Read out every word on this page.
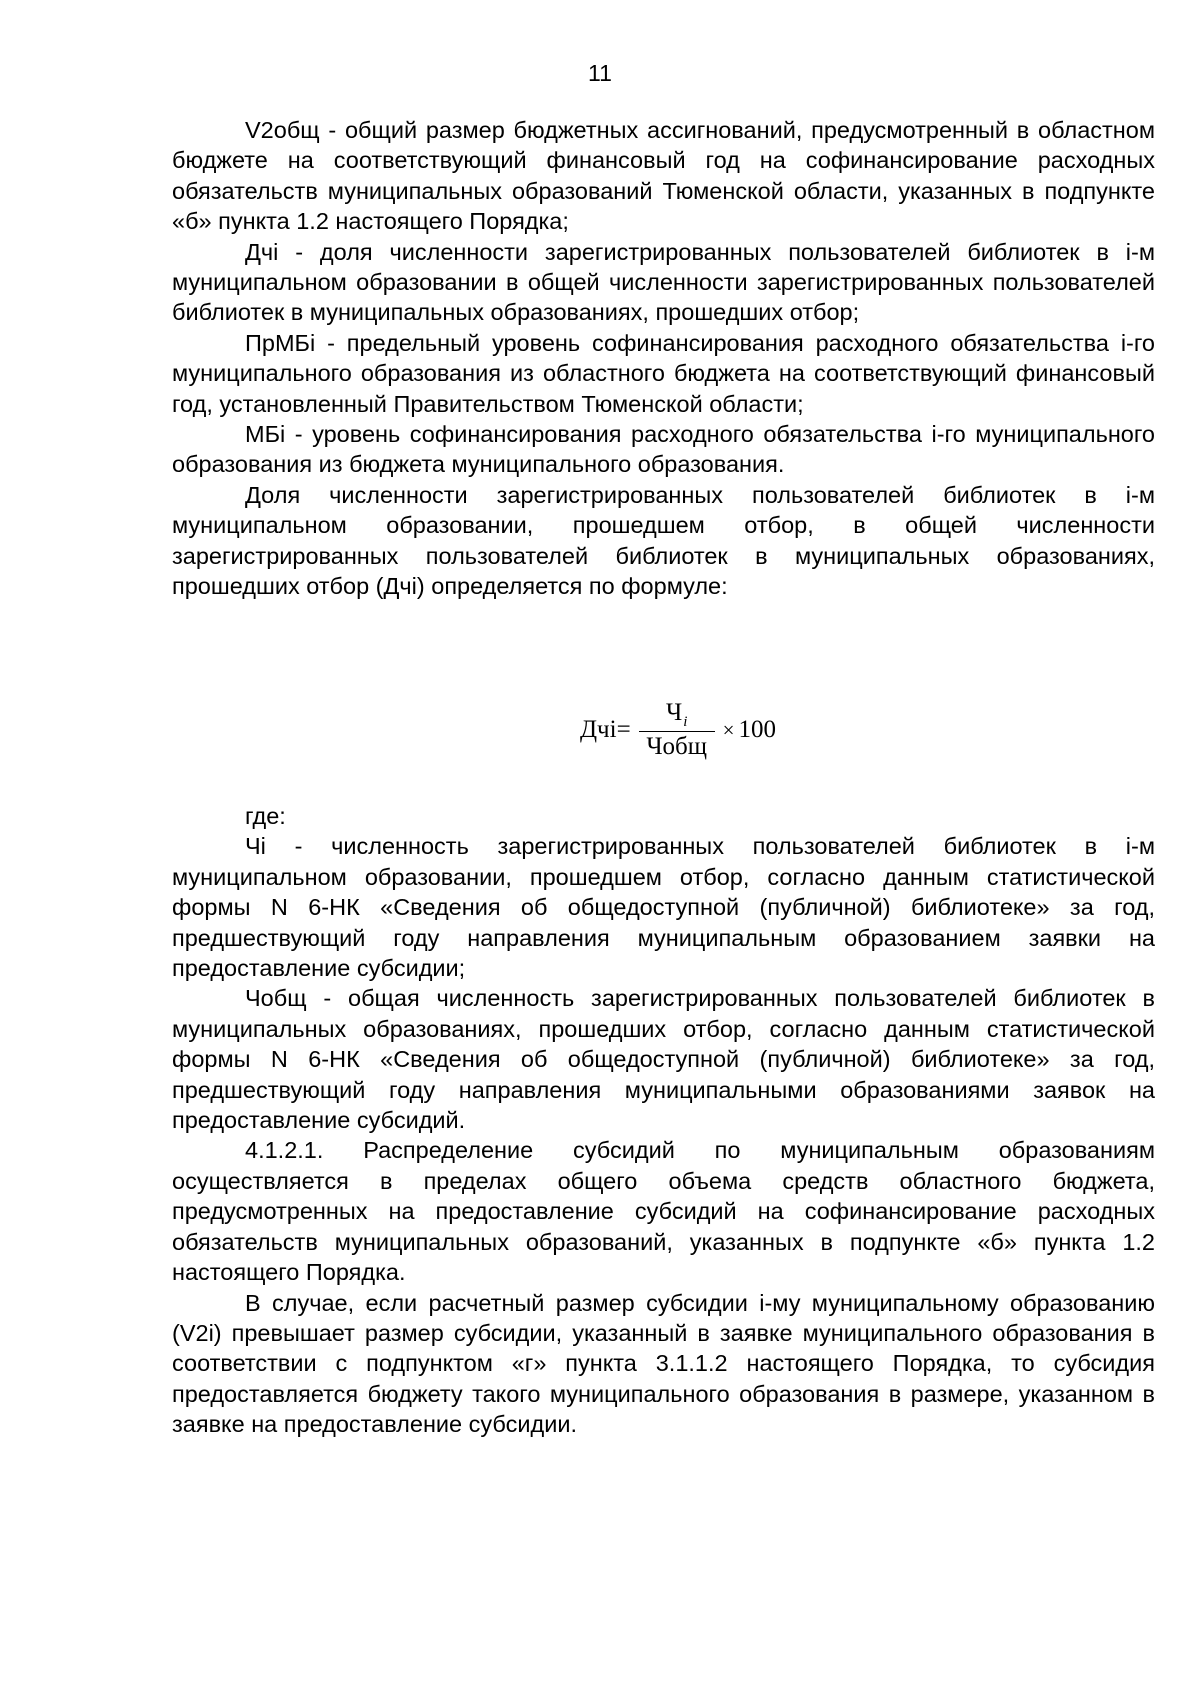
11

V2общ - общий размер бюджетных ассигнований, предусмотренный в областном бюджете на соответствующий финансовый год на софинансирование расходных обязательств муниципальных образований Тюменской области, указанных в подпункте «б» пункта 1.2 настоящего Порядка;

Дчi - доля численности зарегистрированных пользователей библиотек в i-м муниципальном образовании в общей численности зарегистрированных пользователей библиотек в муниципальных образованиях, прошедших отбор;

ПрМБi - предельный уровень софинансирования расходного обязательства i-го муниципального образования из областного бюджета на соответствующий финансовый год, установленный Правительством Тюменской области;

МБi - уровень софинансирования расходного обязательства i-го муниципального образования из бюджета муниципального образования.

Доля численности зарегистрированных пользователей библиотек в i-м муниципальном образовании, прошедшем отбор, в общей численности зарегистрированных пользователей библиотек в муниципальных образованиях, прошедших отбор (Дчi) определяется по формуле:

$Дчi= \frac{Ч_i}{\text{Чобщ}} \times 100$

где:

Чi - численность зарегистрированных пользователей библиотек в i-м муниципальном образовании, прошедшем отбор, согласно данным статистической формы N 6-НК «Сведения об общедоступной (публичной) библиотеке» за год, предшествующий году направления муниципальным образованием заявки на предоставление субсидии;

Чобщ - общая численность зарегистрированных пользователей библиотек в муниципальных образованиях, прошедших отбор, согласно данным статистической формы N 6-НК «Сведения об общедоступной (публичной) библиотеке» за год, предшествующий году направления муниципальными образованиями заявок на предоставление субсидий.

4.1.2.1. Распределение субсидий по муниципальным образованиям осуществляется в пределах общего объема средств областного бюджета, предусмотренных на предоставление субсидий на софинансирование расходных обязательств муниципальных образований, указанных в подпункте «б» пункта 1.2 настоящего Порядка.

В случае, если расчетный размер субсидии i-му муниципальному образованию (V2i) превышает размер субсидии, указанный в заявке муниципального образования в соответствии с подпунктом «г» пункта 3.1.1.2 настоящего Порядка, то субсидия предоставляется бюджету такого муниципального образования в размере, указанном в заявке на предоставление субсидии.
